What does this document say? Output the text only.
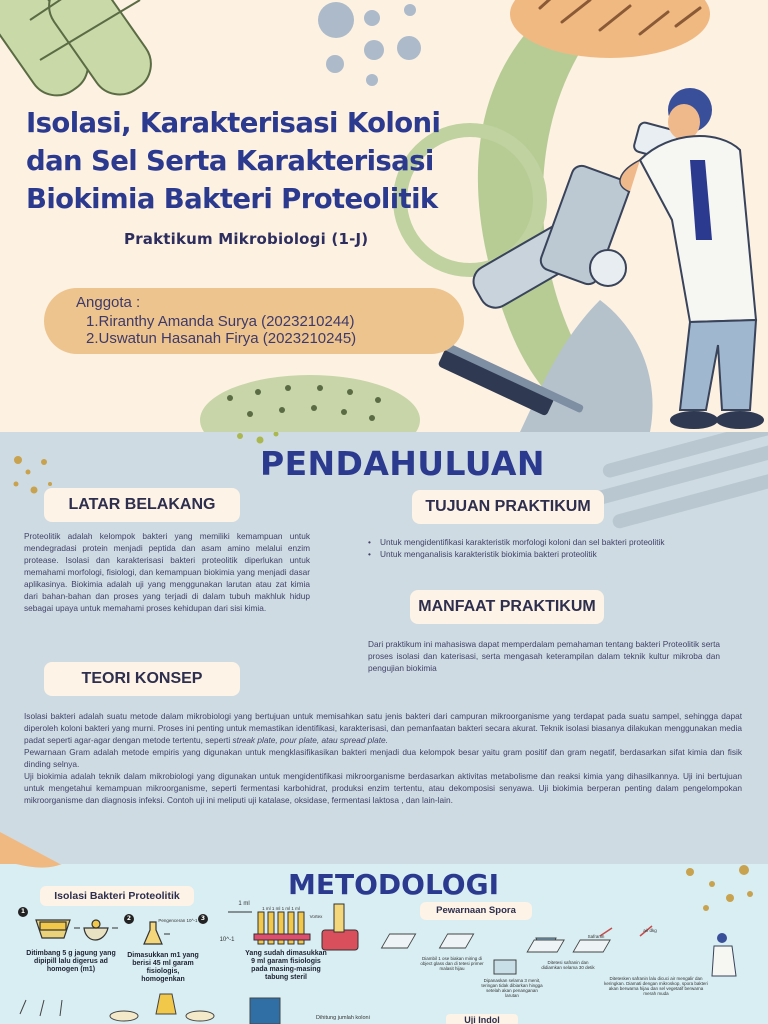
Isolasi, Karakterisasi Koloni dan Sel Serta Karakterisasi Biokimia Bakteri Proteolitik
Praktikum Mikrobiologi (1-J)
Anggota :
1.Riranthy Amanda Surya (2023210244)
2.Uswatun Hasanah Firya (2023210245)
PENDAHULUAN
LATAR BELAKANG

Proteolitik adalah kelompok bakteri yang memiliki kemampuan untuk mendegradasi protein menjadi peptida dan asam amino melalui enzim protease. Isolasi dan karakterisasi bakteri proteolitik diperlukan untuk memahami morfologi, fisiologi, dan kemampuan biokimia yang menjadi dasar aplikasinya. Biokimia adalah uji yang menggunakan larutan atau zat kimia dari bahan-bahan dan proses yang terjadi di dalam tubuh makhluk hidup sebagai upaya untuk memahami proses kehidupan dari sisi kimia.

TUJUAN PRAKTIKUM
• Untuk mengidentifikasi karakteristik morfologi koloni dan sel bakteri proteolitik
• Untuk menganalisis karakteristik biokimia bakteri proteolitik
MANFAAT PRAKTIKUM

Dari praktikum ini mahasiswa dapat memperdalam pemahaman tentang bakteri Proteolitik serta proses isolasi dan katerisasi, serta mengasah keterampilan dalam teknik kultur mikroba dan pengujian biokimia

TEORI KONSEP

Isolasi bakteri adalah suatu metode dalam mikrobiologi yang bertujuan untuk memisahkan satu jenis bakteri dari campuran mikroorganisme yang terdapat pada suatu sampel, sehingga dapat diperoleh koloni bakteri yang murni. Proses ini penting untuk memastikan identifikasi, karakterisasi, dan pemanfaatan bakteri secara akurat. Teknik isolasi biasanya dilakukan menggunakan media padat seperti agar-agar dengan metode tertentu, seperti streak plate, pour plate, atau spread plate.

Pewarnaan Gram adalah metode empiris yang digunakan untuk mengklasifikasikan bakteri menjadi dua kelompok besar yaitu gram positif dan gram negatif, berdasarkan sifat kimia dan fisik dinding selnya.

Uji biokimia adalah teknik dalam mikrobiologi yang digunakan untuk mengidentifikasi mikroorganisme berdasarkan aktivitas metabolisme dan reaksi kimia yang dihasilkannya. Uji ini bertujuan untuk mengetahui kemampuan mikroorganisme, seperti fermentasi karbohidrat, produksi enzim tertentu, atau dekomposisi senyawa. Uji biokimia berperan penting dalam pengelompokan mikroorganisme dan diagnosis infeksi. Contoh uji ini meliputi uji katalase, oksidase, fermentasi laktosa , dan lain-lain.

METODOLOGI
Isolasi Bakteri Proteolitik
Pewarnaan Spora
Uji Indol
1
2	3
Ditimbang 5 g jagung yang dipipill lalu digerus ad homogen (m1)
Dimasukkan m1 yang berisi 45 ml garam fisiologis, homogenkan
Yang sudah dimasukkan 9 ml garam fisiologis pada masing-masing tabung steril
Pengenceran 10^-1
10^-1
1 ml
1 ml 1 ml 1 ml 1 ml
Vortex
Dihitung jumlah koloni
Diambil 1 ose biakan miring di object glass dan di tetesi primer malasit hijau
Dipanaskan selama 3 menit, teringan tidak dibiarkan hingga setelah akan penanganan larutan
Ditetesi safranin dan didiamkan selama 30 detik
Ditetesken safranin lalu dicuci air mengalir dan keringkan. Diamati dengan mikroskop, spora bakteri akan berwarna hijau dan sel vegetatif berwarna merah muda
Safranin
air dkg
